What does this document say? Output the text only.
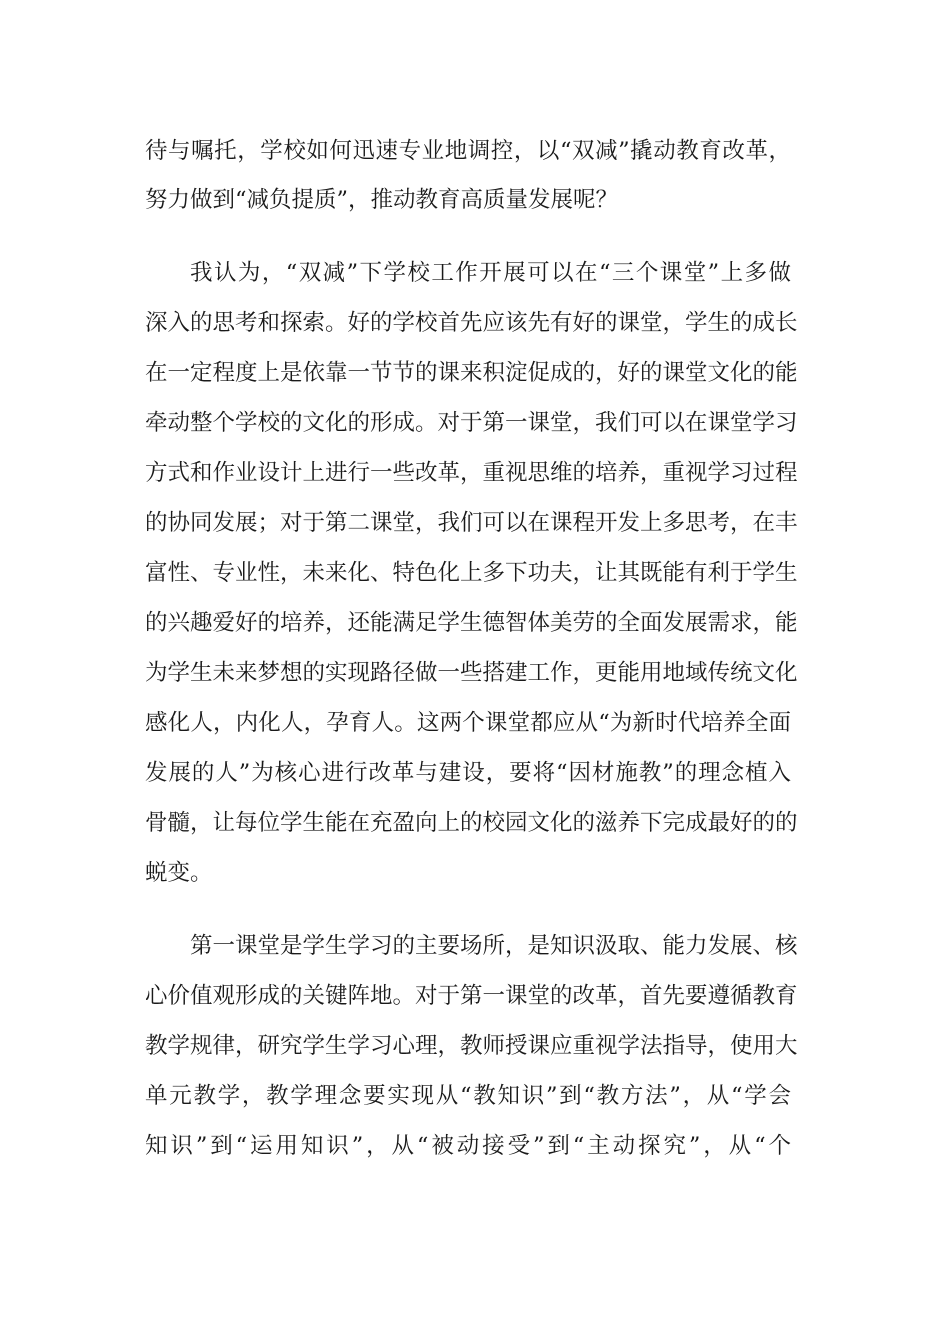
待与嘱托，学校如何迅速专业地调控，以“双减”撬动教育改革，
努力做到“减负提质”，推动教育高质量发展呢？
我认为，“双减”下学校工作开展可以在“三个课堂”上多做
深入的思考和探索。好的学校首先应该先有好的课堂，学生的成长
在一定程度上是依靠一节节的课来积淀促成的，好的课堂文化的能
牵动整个学校的文化的形成。对于第一课堂，我们可以在课堂学习
方式和作业设计上进行一些改革，重视思维的培养，重视学习过程
的协同发展；对于第二课堂，我们可以在课程开发上多思考，在丰
富性、专业性，未来化、特色化上多下功夫，让其既能有利于学生
的兴趣爱好的培养，还能满足学生德智体美劳的全面发展需求，能
为学生未来梦想的实现路径做一些搭建工作，更能用地域传统文化
感化人，内化人，孕育人。这两个课堂都应从“为新时代培养全面
发展的人”为核心进行改革与建设，要将“因材施教”的理念植入
骨髓，让每位学生能在充盈向上的校园文化的滋养下完成最好的的
蜕变。
第一课堂是学生学习的主要场所，是知识汲取、能力发展、核
心价值观形成的关键阵地。对于第一课堂的改革，首先要遵循教育
教学规律，研究学生学习心理，教师授课应重视学法指导，使用大
单元教学，教学理念要实现从“教知识”到“教方法”，从“学会
知识”到“运用知识”，从“被动接受”到“主动探究”，从“个
